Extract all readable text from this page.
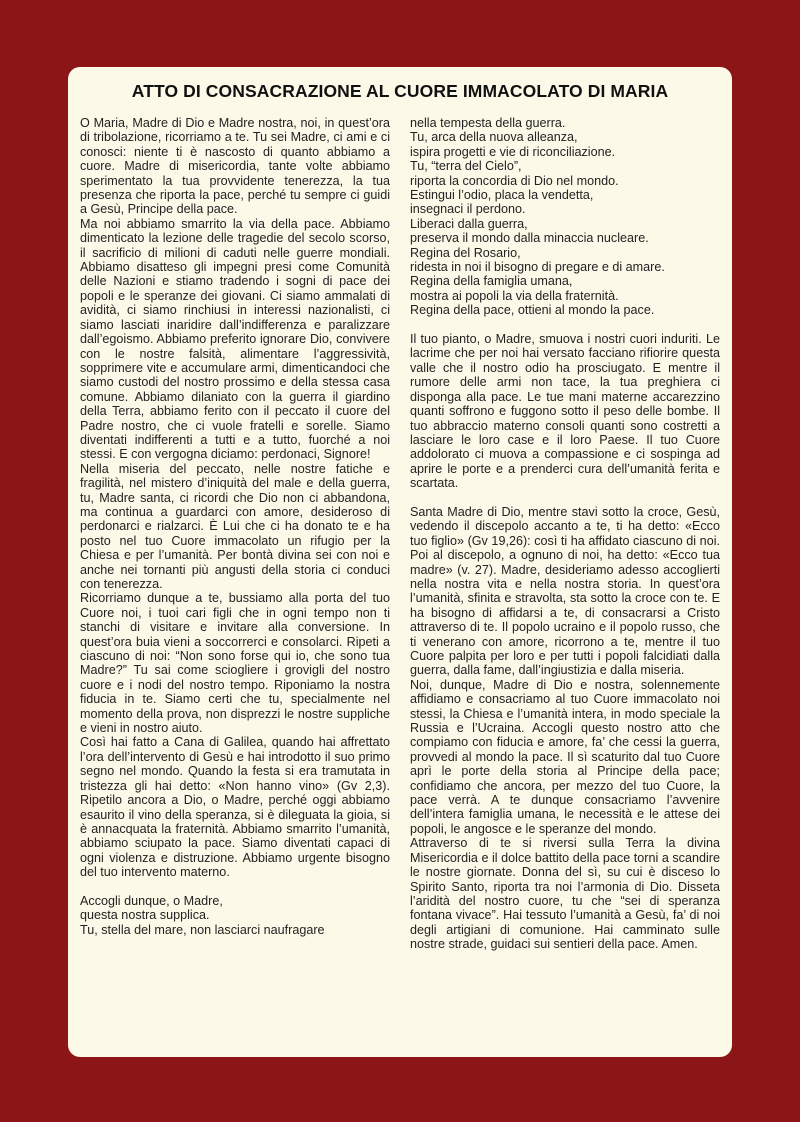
ATTO DI CONSACRAZIONE AL CUORE IMMACOLATO DI MARIA

O Maria, Madre di Dio e Madre nostra, noi, in quest’ora di tribolazione, ricorriamo a te. Tu sei Madre, ci ami e ci conosci: niente ti è nascosto di quanto abbiamo a cuore. Madre di misericordia, tante volte abbiamo sperimentato la tua provvidente tenerezza, la tua presenza che riporta la pace, perché tu sempre ci guidi a Gesù, Principe della pace.

Ma noi abbiamo smarrito la via della pace. Abbiamo dimenticato la lezione delle tragedie del secolo scorso, il sacrificio di milioni di caduti nelle guerre mondiali. Abbiamo disatteso gli impegni presi come Comunità delle Nazioni e stiamo tradendo i sogni di pace dei popoli e le speranze dei giovani. Ci siamo ammalati di avidità, ci siamo rinchiusi in interessi nazionalisti, ci siamo lasciati inaridire dall’indifferenza e paralizzare dall’egoismo. Abbiamo preferito ignorare Dio, convivere con le nostre falsità, alimentare l’aggressività, sopprimere vite e accumulare armi, dimenticandoci che siamo custodi del nostro prossimo e della stessa casa comune. Abbiamo dilaniato con la guerra il giardino della Terra, abbiamo ferito con il peccato il cuore del Padre nostro, che ci vuole fratelli e sorelle. Siamo diventati indifferenti a tutti e a tutto, fuorché a noi stessi. E con vergogna diciamo: perdonaci, Signore!

Nella miseria del peccato, nelle nostre fatiche e fragilità, nel mistero d’iniquità del male e della guerra, tu, Madre santa, ci ricordi che Dio non ci abbandona, ma continua a guardarci con amore, desideroso di perdonarci e rialzarci. È Lui che ci ha donato te e ha posto nel tuo Cuore immacolato un rifugio per la Chiesa e per l’umanità. Per bontà divina sei con noi e anche nei tornanti più angusti della storia ci conduci con tenerezza.

Ricorriamo dunque a te, bussiamo alla porta del tuo Cuore noi, i tuoi cari figli che in ogni tempo non ti stanchi di visitare e invitare alla conversione. In quest’ora buia vieni a soccorrerci e consolarci. Ripeti a ciascuno di noi: “Non sono forse qui io, che sono tua Madre?” Tu sai come sciogliere i grovigli del nostro cuore e i nodi del nostro tempo. Riponiamo la nostra fiducia in te. Siamo certi che tu, specialmente nel momento della prova, non disprezzi le nostre suppliche e vieni in nostro aiuto.

Così hai fatto a Cana di Galilea, quando hai affrettato l’ora dell’intervento di Gesù e hai introdotto il suo primo segno nel mondo. Quando la festa si era tramutata in tristezza gli hai detto: «Non hanno vino» (Gv 2,3). Ripetilo ancora a Dio, o Madre, perché oggi abbiamo esaurito il vino della speranza, si è dileguata la gioia, si è annacquata la fraternità. Abbiamo smarrito l’umanità, abbiamo sciupato la pace. Siamo diventati capaci di ogni violenza e distruzione. Abbiamo urgente bisogno del tuo intervento materno.

Accogli dunque, o Madre,
questa nostra supplica.
Tu, stella del mare, non lasciarci naufragare

nella tempesta della guerra.
Tu, arca della nuova alleanza,
ispira progetti e vie di riconciliazione.
Tu, “terra del Cielo”,
riporta la concordia di Dio nel mondo.
Estingui l’odio, placa la vendetta,
insegnaci il perdono.
Liberaci dalla guerra,
preserva il mondo dalla minaccia nucleare.
Regina del Rosario,
ridesta in noi il bisogno di pregare e di amare.
Regina della famiglia umana,
mostra ai popoli la via della fraternità.
Regina della pace, ottieni al mondo la pace.

Il tuo pianto, o Madre, smuova i nostri cuori induriti. Le lacrime che per noi hai versato facciano rifiorire questa valle che il nostro odio ha prosciugato. E mentre il rumore delle armi non tace, la tua preghiera ci disponga alla pace. Le tue mani materne accarezzino quanti soffrono e fuggono sotto il peso delle bombe. Il tuo abbraccio materno consoli quanti sono costretti a lasciare le loro case e il loro Paese. Il tuo Cuore addolorato ci muova a compassione e ci sospinga ad aprire le porte e a prenderci cura dell’umanità ferita e scartata.

Santa Madre di Dio, mentre stavi sotto la croce, Gesù, vedendo il discepolo accanto a te, ti ha detto: «Ecco tuo figlio» (Gv 19,26): così ti ha affidato ciascuno di noi. Poi al discepolo, a ognuno di noi, ha detto: «Ecco tua madre» (v. 27). Madre, desideriamo adesso accoglierti nella nostra vita e nella nostra storia. In quest’ora l’umanità, sfinita e stravolta, sta sotto la croce con te. E ha bisogno di affidarsi a te, di consacrarsi a Cristo attraverso di te. Il popolo ucraino e il popolo russo, che ti venerano con amore, ricorrono a te, mentre il tuo Cuore palpita per loro e per tutti i popoli falcidiati dalla guerra, dalla fame, dall’ingiustizia e dalla miseria.

Noi, dunque, Madre di Dio e nostra, solennemente affidiamo e consacriamo al tuo Cuore immacolato noi stessi, la Chiesa e l’umanità intera, in modo speciale la Russia e l’Ucraina. Accogli questo nostro atto che compiamo con fiducia e amore, fa’ che cessi la guerra, provvedi al mondo la pace. Il sì scaturito dal tuo Cuore aprì le porte della storia al Principe della pace; confidiamo che ancora, per mezzo del tuo Cuore, la pace verrà. A te dunque consacriamo l’avvenire dell’intera famiglia umana, le necessità e le attese dei popoli, le angosce e le speranze del mondo.

Attraverso di te si riversi sulla Terra la divina Misericordia e il dolce battito della pace torni a scandire le nostre giornate. Donna del sì, su cui è disceso lo Spirito Santo, riporta tra noi l’armonia di Dio. Disseta l’aridità del nostro cuore, tu che “sei di speranza fontana vivace”. Hai tessuto l’umanità a Gesù, fa’ di noi degli artigiani di comunione. Hai camminato sulle nostre strade, guidaci sui sentieri della pace. Amen.
